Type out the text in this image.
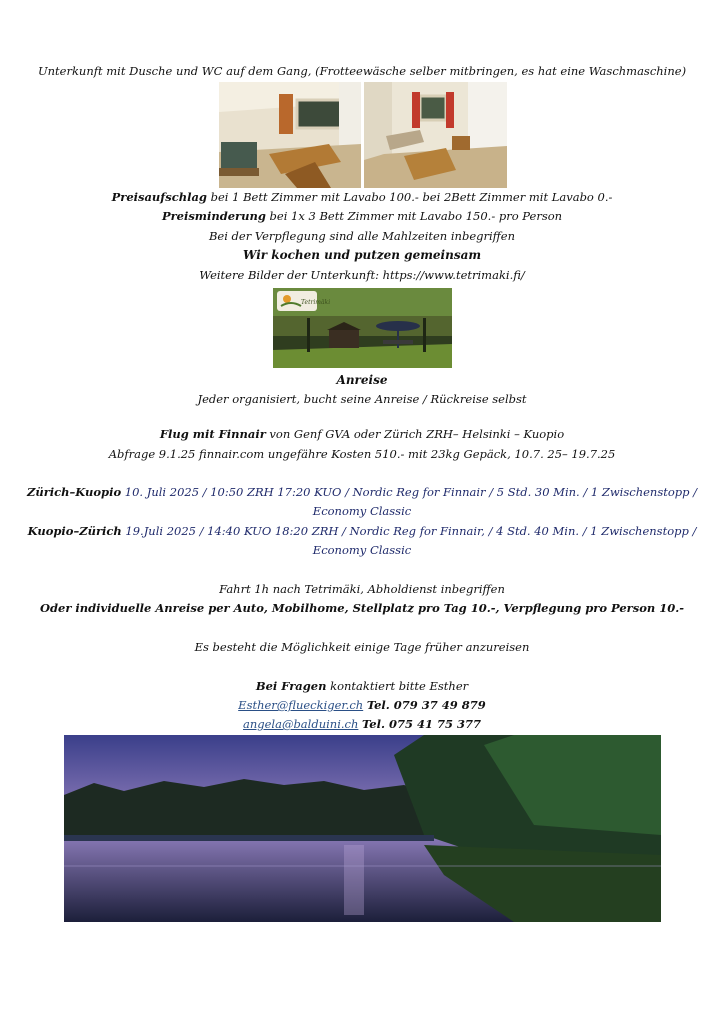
Unterkunft mit Dusche und WC auf dem Gang, (Frotteewäsche selber mitbringen, es hat eine Waschmaschine)
Preisaufschlag bei 1 Bett Zimmer mit Lavabo 100.- bei 2Bett Zimmer mit Lavabo 0.-
Preisminderung bei 1x 3 Bett Zimmer mit Lavabo 150.- pro Person
Bei der Verpflegung sind alle Mahlzeiten inbegriffen
Wir kochen und putzen gemeinsam
Weitere Bilder der Unterkunft: https://www.tetrimaki.fi/
Tetrimäki
Anreise
Jeder organisiert, bucht seine Anreise / Rückreise selbst
Flug mit Finnair von Genf GVA oder Zürich ZRH– Helsinki – Kuopio
Abfrage 9.1.25 finnair.com ungefähre Kosten 510.- mit 23kg Gepäck, 10.7. 25– 19.7.25
Zürich–Kuopio 10. Juli 2025 / 10:50 ZRH 17:20 KUO / Nordic Reg for Finnair / 5 Std. 30 Min. / 1 Zwischenstopp /
Economy Classic
Kuopio–Zürich 19.Juli 2025 / 14:40 KUO 18:20 ZRH / Nordic Reg for Finnair, / 4 Std. 40 Min. / 1 Zwischenstopp /
Economy Classic
Fahrt 1h nach Tetrimäki, Abholdienst inbegriffen
Oder individuelle Anreise per Auto, Mobilhome, Stellplatz pro Tag 10.-, Verpflegung pro Person 10.-
Es besteht die Möglichkeit einige Tage früher anzureisen
Bei Fragen kontaktiert bitte Esther
Esther@flueckiger.ch Tel. 079 37 49 879
angela@balduini.ch Tel. 075 41 75 377
